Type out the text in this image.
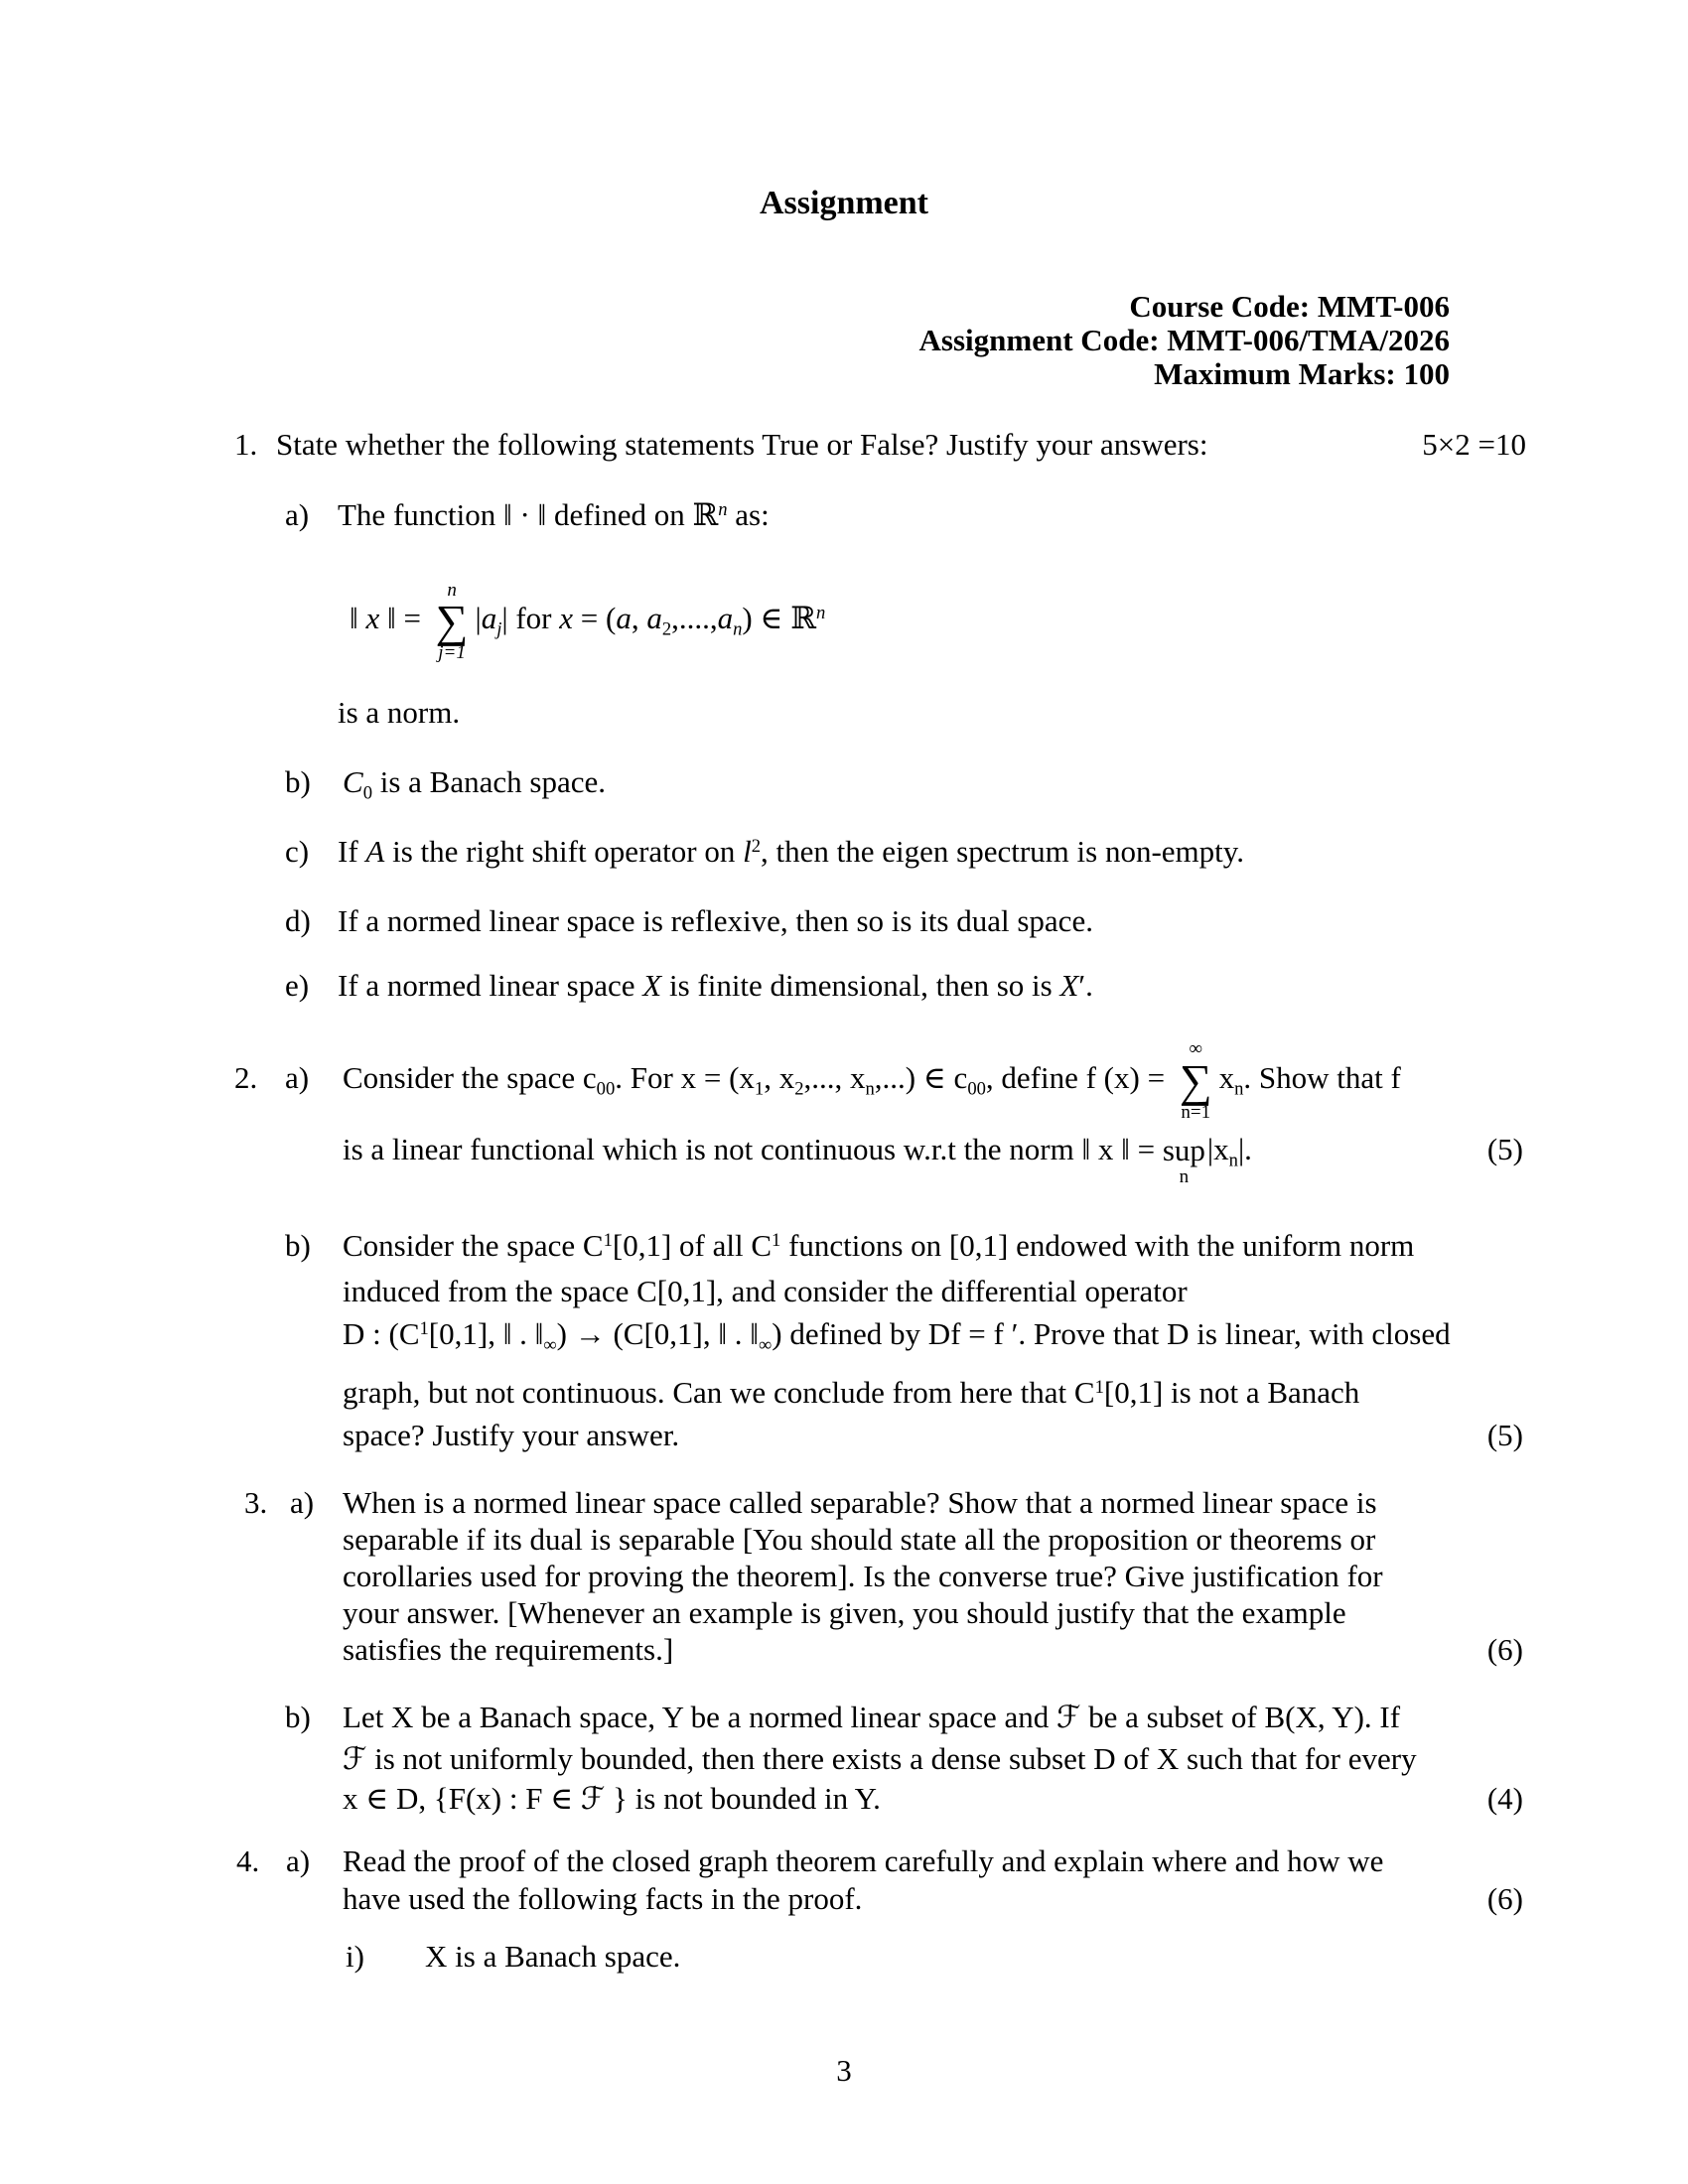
Assignment
Course Code: MMT-006
Assignment Code: MMT-006/TMA/2026
Maximum Marks: 100
1. State whether the following statements True or False? Justify your answers:	5×2 =10
a) The function ‖ · ‖ defined on ℝ$^n$ as:
‖ x ‖ =
n
∑
j=1
$|a_j|$ for x = (a, $a_2,....,a_n$) ∈ ℝ$^n$
is a norm.
b) $C_0$ is a Banach space.
c) If A is the right shift operator on $l^2$, then the eigen spectrum is non-empty.
d) If a normed linear space is reflexive, then so is its dual space.
e) If a normed linear space X is finite dimensional, then so is X′.
2. a) Consider the space $c_{00}$. For $x = (x_1$, $x_2$,..., $x_n$,...) ∈ $c_{00}$, define f (x) =
∞
∑
n=1
$x_n$. Show that f
is a linear functional which is not continuous w.r.t the norm ‖ x ‖ = sup
n
$|x_n|$.	(5)
b) Consider the space $C^1[0,1]$ of all $C^1$ functions on [0,1] endowed with the uniform norm
induced from the space C[0,1], and consider the differential operator
D : ($C^1[0,1]$, ‖ . $‖_\infty) \to (C[0,1]$, ‖ . $‖_\infty$) defined by Df = f ′. Prove that D is linear, with closed
graph, but not continuous. Can we conclude from here that $C^1[0,1]$ is not a Banach
space? Justify your answer.	(5)
3. a) When is a normed linear space called separable? Show that a normed linear space is
separable if its dual is separable [You should state all the proposition or theorems or
corollaries used for proving the theorem]. Is the converse true? Give justification for
your answer. [Whenever an example is given, you should justify that the example
satisfies the requirements.]	(6)
b) Let X be a Banach space, Y be a normed linear space and ℱ be a subset of B(X, Y). If
ℱ is not uniformly bounded, then there exists a dense subset D of X such that for every
x ∈ D, {F(x) : F ∈ ℱ } is not bounded in Y.	(4)
4. a) Read the proof of the closed graph theorem carefully and explain where and how we
have used the following facts in the proof.	(6)
i) X is a Banach space.
3
